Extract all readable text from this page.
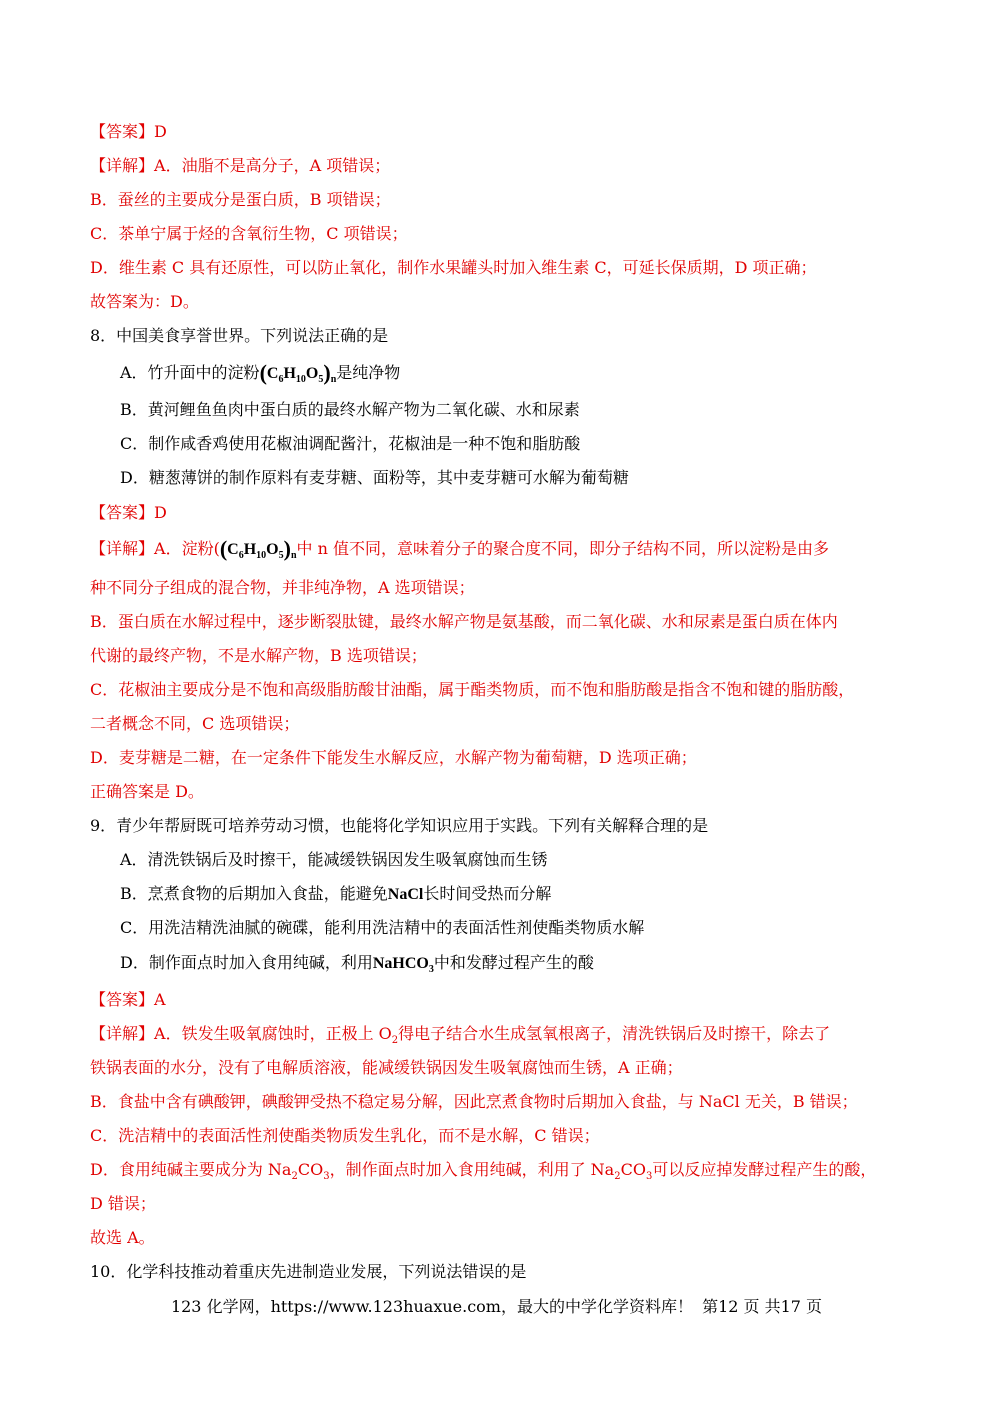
【答案】D
【详解】A．油脂不是高分子，A 项错误；
B．蚕丝的主要成分是蛋白质，B 项错误；
C．茶单宁属于烃的含氧衍生物，C 项错误；
D．维生素 C 具有还原性，可以防止氧化，制作水果罐头时加入维生素 C，可延长保质期，D 项正确；
故答案为：D。
8．中国美食享誉世界。下列说法正确的是
A．竹升面中的淀粉$(C_6H_{10}O_5)_n$是纯净物
B．黄河鲤鱼鱼肉中蛋白质的最终水解产物为二氧化碳、水和尿素
C．制作咸香鸡使用花椒油调配酱汁，花椒油是一种不饱和脂肪酸
D．糖葱薄饼的制作原料有麦芽糖、面粉等，其中麦芽糖可水解为葡萄糖
【答案】D
【详解】A．淀粉($(C_6H_{10}O_5)_n$中 n 值不同，意味着分子的聚合度不同，即分子结构不同，所以淀粉是由多
种不同分子组成的混合物，并非纯净物，A 选项错误；
B．蛋白质在水解过程中，逐步断裂肽键，最终水解产物是氨基酸，而二氧化碳、水和尿素是蛋白质在体内
代谢的最终产物，不是水解产物，B 选项错误；
C．花椒油主要成分是不饱和高级脂肪酸甘油酯，属于酯类物质，而不饱和脂肪酸是指含不饱和键的脂肪酸，
二者概念不同，C 选项错误；
D．麦芽糖是二糖，在一定条件下能发生水解反应，水解产物为葡萄糖，D 选项正确；
正确答案是 D。
9．青少年帮厨既可培养劳动习惯，也能将化学知识应用于实践。下列有关解释合理的是
A．清洗铁锅后及时擦干，能减缓铁锅因发生吸氧腐蚀而生锈
B．烹煮食物的后期加入食盐，能避免NaCl长时间受热而分解
C．用洗洁精洗油腻的碗碟，能利用洗洁精中的表面活性剂使酯类物质水解
D．制作面点时加入食用纯碱，利用NaHCO$_3$中和发酵过程产生的酸
【答案】A
【详解】A．铁发生吸氧腐蚀时，正极上 $O_2$得电子结合水生成氢氧根离子，清洗铁锅后及时擦干，除去了
铁锅表面的水分，没有了电解质溶液，能减缓铁锅因发生吸氧腐蚀而生锈，A 正确；
B．食盐中含有碘酸钾，碘酸钾受热不稳定易分解，因此烹煮食物时后期加入食盐，与 NaCl 无关，B 错误；
C．洗洁精中的表面活性剂使酯类物质发生乳化，而不是水解，C 错误；
D．食用纯碱主要成分为 $Na_2CO_3$，制作面点时加入食用纯碱，利用了 $Na_2CO_3$可以反应掉发酵过程产生的酸，
D 错误；
故选 A。
10．化学科技推动着重庆先进制造业发展，下列说法错误的是
123 化学网，https://www.123huaxue.com，最大的中学化学资料库！ 第12 页 共17 页
